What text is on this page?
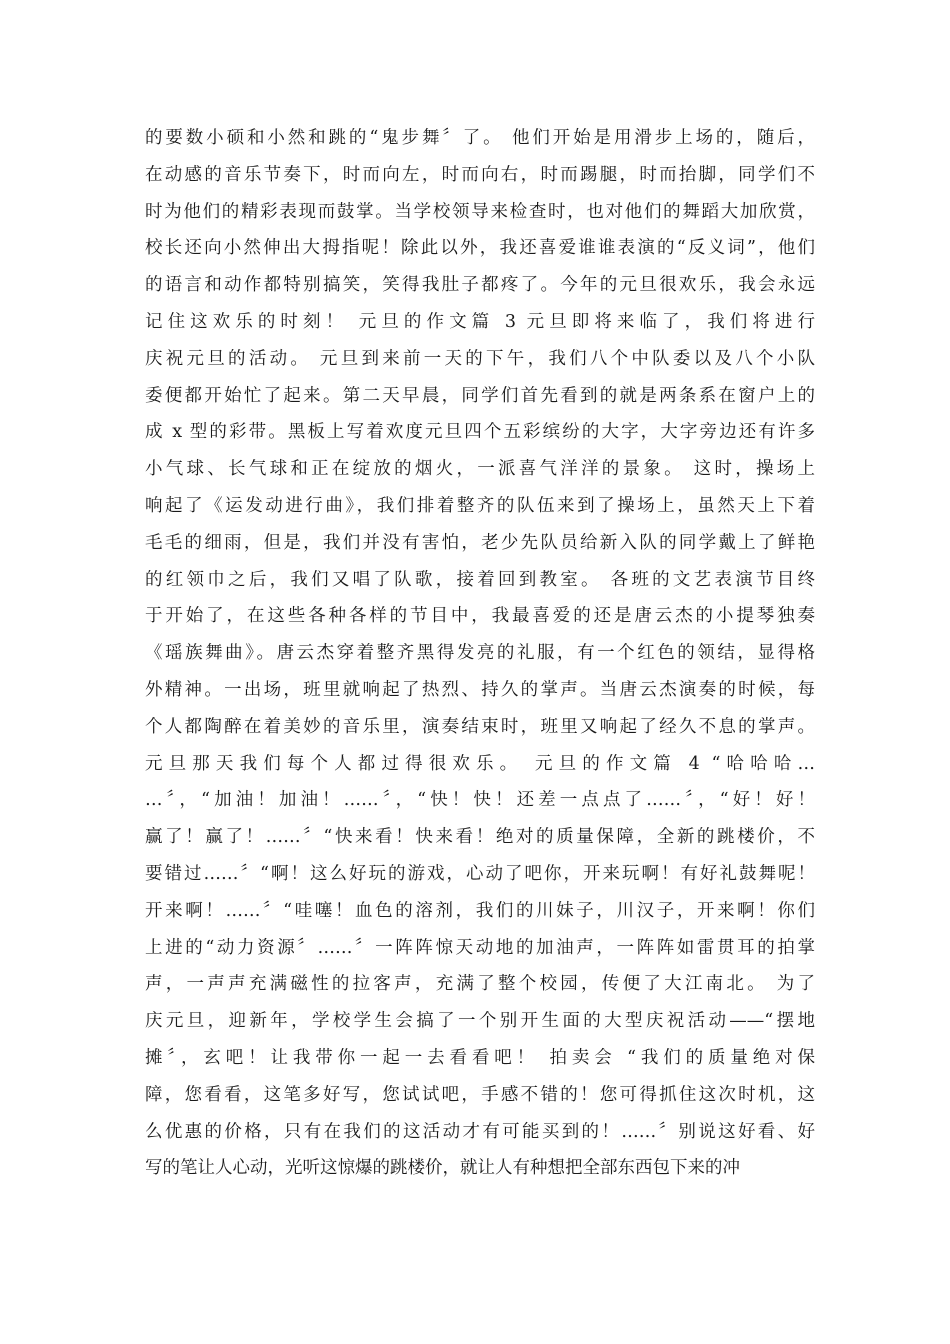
的要数小硕和小然和跳的“鬼步舞〞了。 他们开始是用滑步上场的，随后，
在动感的音乐节奏下，时而向左，时而向右，时而踢腿，时而抬脚，同学们不
时为他们的精彩表现而鼓掌。当学校领导来检查时，也对他们的舞蹈大加欣赏，
校长还向小然伸出大拇指呢！除此以外，我还喜爱谁谁表演的“反义词”，他们
的语言和动作都特别搞笑，笑得我肚子都疼了。今年的元旦很欢乐，我会永远
记住这欢乐的时刻！ 元旦的作文篇 3 元旦即将来临了，我们将进行
庆祝元旦的活动。 元旦到来前一天的下午，我们八个中队委以及八个小队
委便都开始忙了起来。第二天早晨，同学们首先看到的就是两条系在窗户上的
成 x 型的彩带。黑板上写着欢度元旦四个五彩缤纷的大字，大字旁边还有许多
小气球、长气球和正在绽放的烟火，一派喜气洋洋的景象。 这时，操场上
响起了《运发动进行曲》，我们排着整齐的队伍来到了操场上，虽然天上下着
毛毛的细雨，但是，我们并没有害怕，老少先队员给新入队的同学戴上了鲜艳
的红领巾之后，我们又唱了队歌，接着回到教室。 各班的文艺表演节目终
于开始了，在这些各种各样的节目中，我最喜爱的还是唐云杰的小提琴独奏
《瑶族舞曲》。唐云杰穿着整齐黑得发亮的礼服，有一个红色的领结，显得格
外精神。一出场，班里就响起了热烈、持久的掌声。当唐云杰演奏的时候，每
个人都陶醉在着美妙的音乐里，演奏结束时，班里又响起了经久不息的掌声。
元旦那天我们每个人都过得很欢乐。 元旦的作文篇 4 “哈哈哈…
…〞，“加油！加油！……〞，“快！快！还差一点点了……〞，“好！好！
赢了！赢了！……〞“快来看！快来看！绝对的质量保障，全新的跳楼价，不
要错过……〞“啊！这么好玩的游戏，心动了吧你，开来玩啊！有好礼鼓舞呢！
开来啊！……〞“哇噻！血色的溶剂，我们的川妹子，川汉子，开来啊！你们
上进的“动力资源〞……〞一阵阵惊天动地的加油声，一阵阵如雷贯耳的拍掌
声，一声声充满磁性的拉客声，充满了整个校园，传便了大江南北。 为了
庆元旦，迎新年，学校学生会搞了一个别开生面的大型庆祝活动——“摆地
摊〞，玄吧！让我带你一起一去看看吧！ 拍卖会 “我们的质量绝对保
障，您看看，这笔多好写，您试试吧，手感不错的！您可得抓住这次时机，这
么优惠的价格，只有在我们的这活动才有可能买到的！……〞别说这好看、好
写的笔让人心动，光听这惊爆的跳楼价，就让人有种想把全部东西包下来的冲
